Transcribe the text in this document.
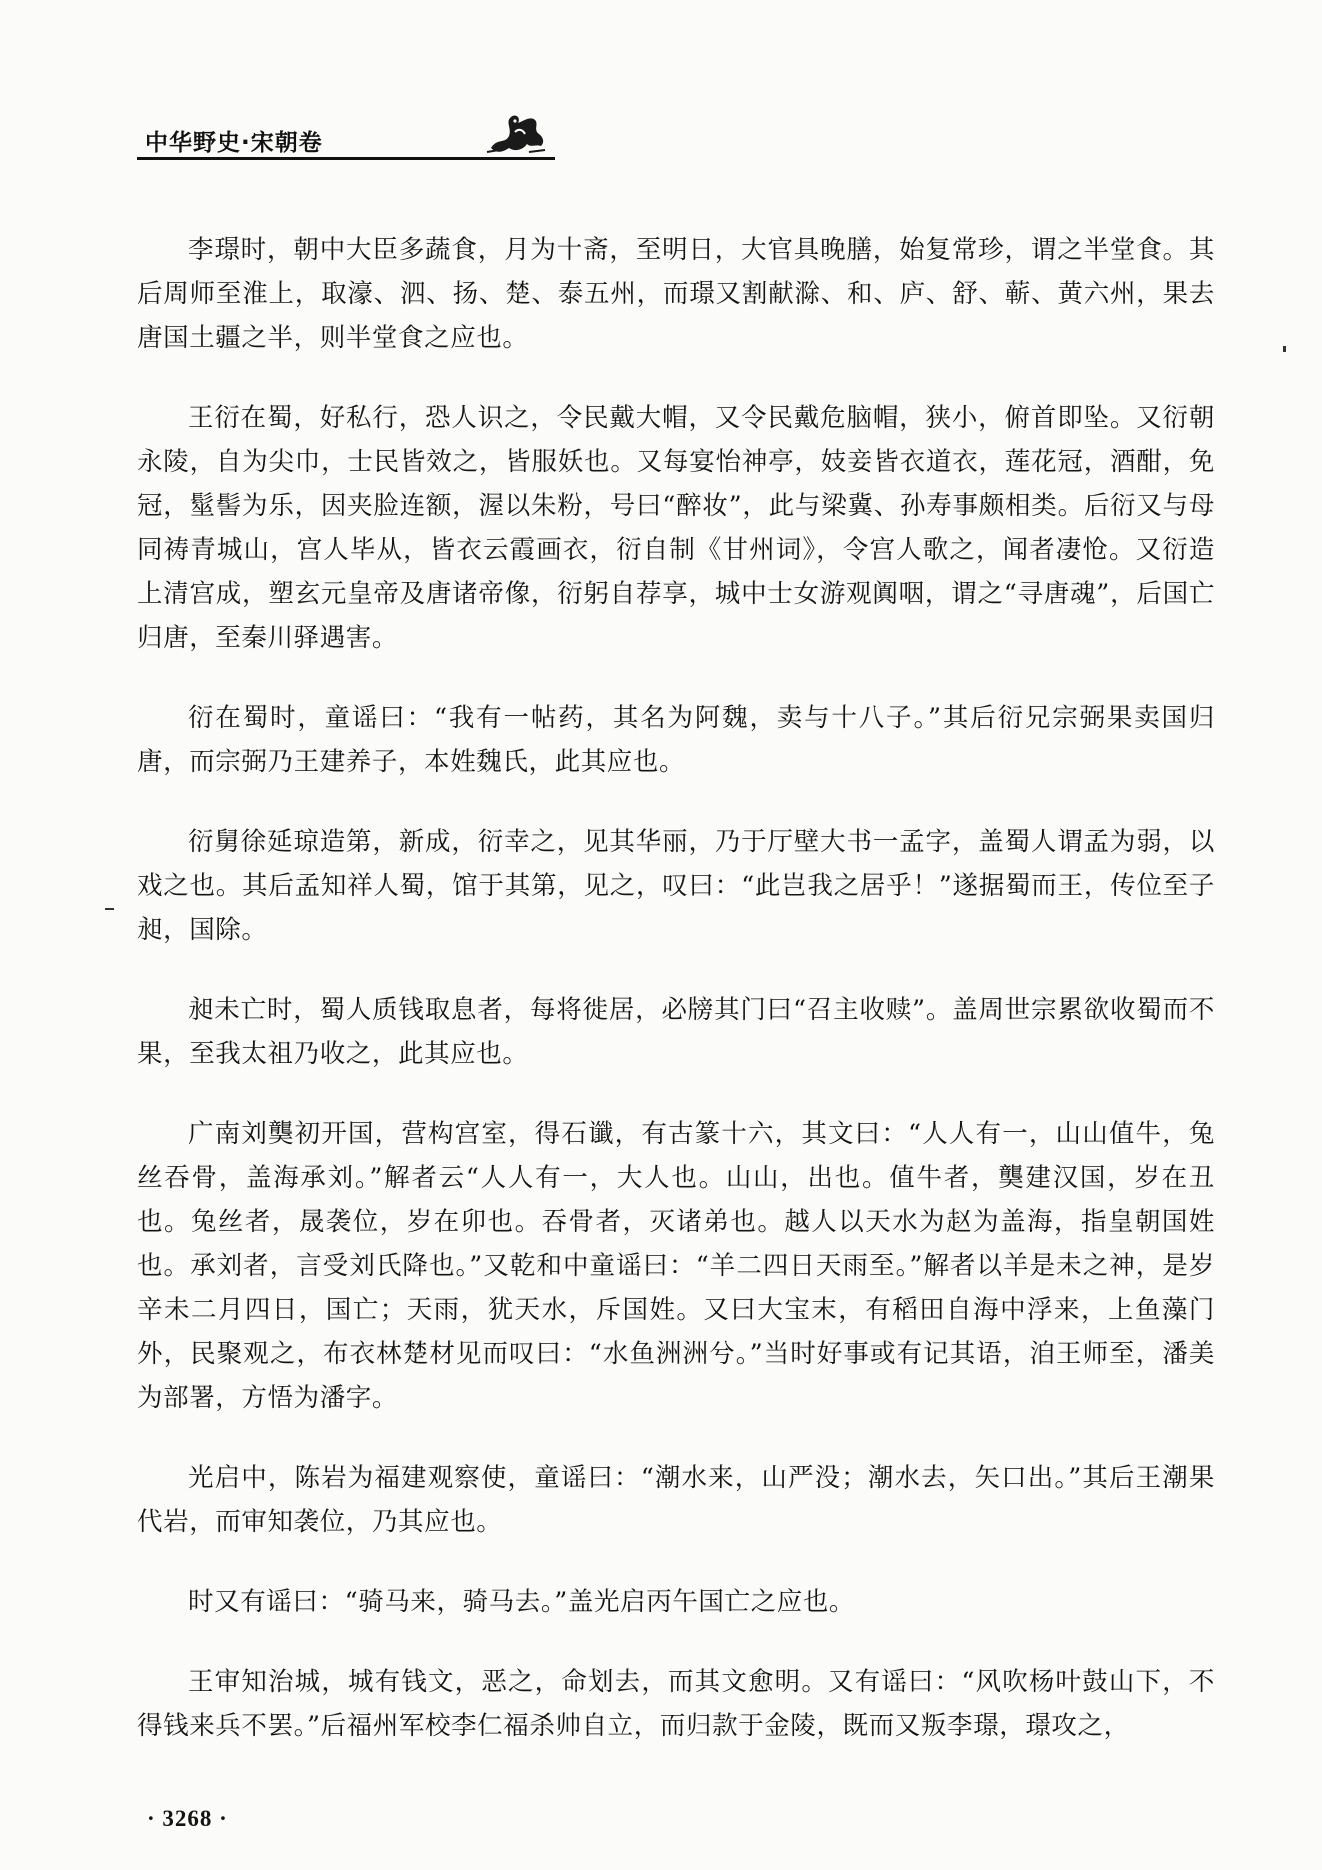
中华野史·宋朝卷

李璟时，朝中大臣多蔬食，月为十斋，至明日，大官具晚膳，始复常珍，谓之半堂食。其后周师至淮上，取濠、泗、扬、楚、泰五州，而璟又割献滁、和、庐、舒、蕲、黄六州，果去唐国土疆之半，则半堂食之应也。

王衍在蜀，好私行，恐人识之，令民戴大帽，又令民戴危脑帽，狭小，俯首即坠。又衍朝永陵，自为尖巾，士民皆效之，皆服妖也。又每宴怡神亭，妓妾皆衣道衣，莲花冠，酒酣，免冠，髽髻为乐，因夹脸连额，渥以朱粉，号曰“醉妆”，此与梁冀、孙寿事颇相类。后衍又与母同祷青城山，宫人毕从，皆衣云霞画衣，衍自制《甘州词》，令宫人歌之，闻者凄怆。又衍造上清宫成，塑玄元皇帝及唐诸帝像，衍躬自荐享，城中士女游观阗咽，谓之“寻唐魂”，后国亡归唐，至秦川驿遇害。

衍在蜀时，童谣曰：“我有一帖药，其名为阿魏，卖与十八子。”其后衍兄宗弼果卖国归唐，而宗弼乃王建养子，本姓魏氏，此其应也。

衍舅徐延琼造第，新成，衍幸之，见其华丽，乃于厅壁大书一孟字，盖蜀人谓孟为弱，以戏之也。其后孟知祥人蜀，馆于其第，见之，叹曰：“此岂我之居乎！”遂据蜀而王，传位至子昶，国除。

昶未亡时，蜀人质钱取息者，每将徙居，必牓其门曰“召主收赎”。盖周世宗累欲收蜀而不果，至我太祖乃收之，此其应也。

广南刘龑初开国，营构宫室，得石谶，有古篆十六，其文曰：“人人有一，山山值牛，兔丝吞骨，盖海承刘。”解者云“人人有一，大人也。山山，出也。值牛者，龑建汉国，岁在丑也。兔丝者，晟袭位，岁在卯也。吞骨者，灭诸弟也。越人以天水为赵为盖海，指皇朝国姓也。承刘者，言受刘氏降也。”又乾和中童谣曰：“羊二四日天雨至。”解者以羊是未之神，是岁辛未二月四日，国亡；天雨，犹天水，斥国姓。又曰大宝末，有稻田自海中浮来，上鱼藻门外，民聚观之，布衣林楚材见而叹曰：“水鱼洲洲兮。”当时好事或有记其语，洎王师至，潘美为部署，方悟为潘字。

光启中，陈岩为福建观察使，童谣曰：“潮水来，山严没；潮水去，矢口出。”其后王潮果代岩，而审知袭位，乃其应也。

时又有谣曰：“骑马来，骑马去。”盖光启丙午国亡之应也。

王审知治城，城有钱文，恶之，命划去，而其文愈明。又有谣曰：“风吹杨叶鼓山下，不得钱来兵不罢。”后福州军校李仁福杀帅自立，而归款于金陵，既而又叛李璟，璟攻之，

· 3268 ·
